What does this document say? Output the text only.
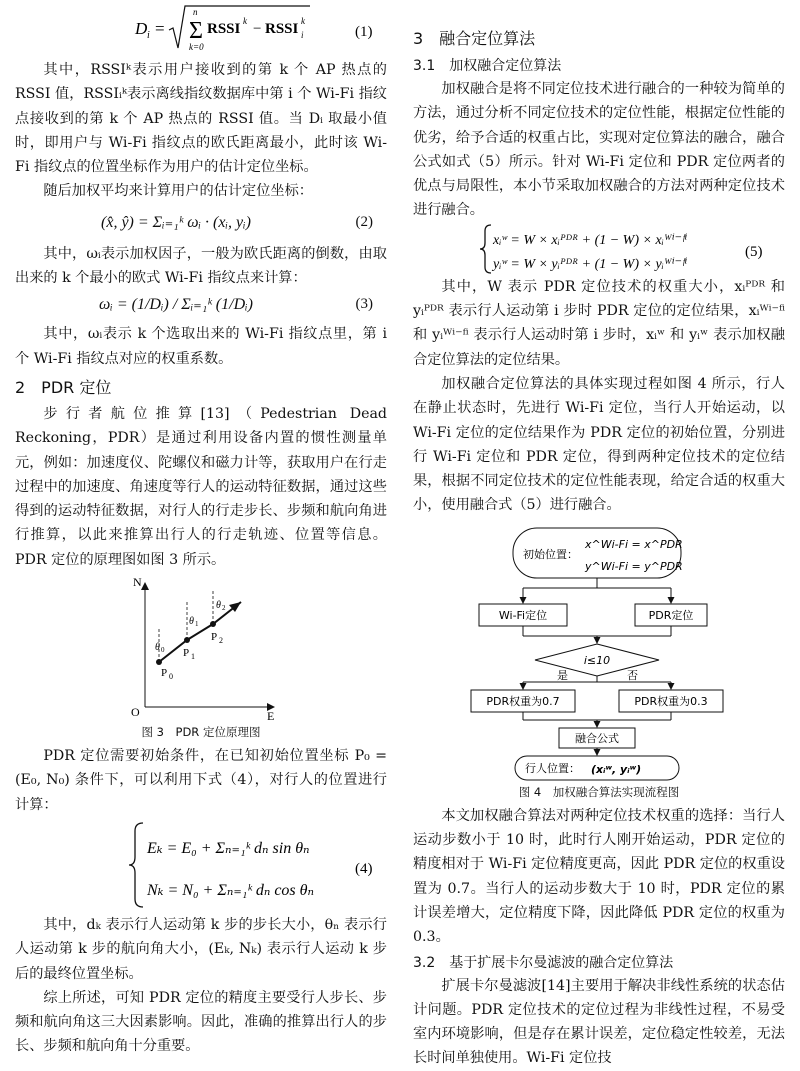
D i = Σ
n
k=0
RSSI k − RSSI k
i	(1)

其中，RSSIᵏ表示用户接收到的第 k 个 AP 热点的 RSSI 值，RSSIᵢᵏ表示离线指纹数据库中第 i 个 Wi-Fi 指纹点接收到的第 k 个 AP 热点的 RSSI 值。当 Dᵢ 取最小值时，即用户与 Wi-Fi 指纹点的欧氏距离最小，此时该 Wi-Fi 指纹点的位置坐标作为用户的估计定位坐标。

随后加权平均来计算用户的估计定位坐标：

(x̂, ŷ) = Σᵢ₌₁ᵏ ωᵢ · (xᵢ, yᵢ)	(2)

其中，ωᵢ表示加权因子，一般为欧氏距离的倒数，由取出来的 k 个最小的欧式 Wi-Fi 指纹点来计算：

ωᵢ = (1/Dᵢ) / Σᵢ₌₁ᵏ (1/Dᵢ)	(3)

其中，ωᵢ表示 k 个选取出来的 Wi-Fi 指纹点里，第 i 个 Wi-Fi 指纹点对应的权重系数。

2　PDR 定位

步行者航位推算[13]（Pedestrian Dead Reckoning，PDR）是通过利用设备内置的惯性测量单元，例如：加速度仪、陀螺仪和磁力计等，获取用户在行走过程中的加速度、角速度等行人的运动特征数据，通过这些得到的运动特征数据，对行人的行走步长、步频和航向角进行推算，以此来推算出行人的行走轨迹、位置等信息。PDR 定位的原理图如图 3 所示。

N
E
O
P 0
P 1
P 2
θ 0
θ 1
θ 2
图 3　PDR 定位原理图

PDR 定位需要初始条件，在已知初始位置坐标 P₀ = (E₀, N₀) 条件下，可以利用下式（4），对行人的位置进行计算：

Eₖ = E₀ + Σₙ₌₁ᵏ dₙ sin θₙ
Nₖ = N₀ + Σₙ₌₁ᵏ dₙ cos θₙ
(4)

其中，dₖ 表示行人运动第 k 步的步长大小，θₙ 表示行人运动第 k 步的航向角大小，(Eₖ, Nₖ) 表示行人运动 k 步后的最终位置坐标。

综上所述，可知 PDR 定位的精度主要受行人步长、步频和航向角这三大因素影响。因此，准确的推算出行人的步长、步频和航向角十分重要。

3　融合定位算法
3.1　加权融合定位算法

加权融合是将不同定位技术进行融合的一种较为简单的方法，通过分析不同定位技术的定位性能，根据定位性能的优劣，给予合适的权重占比，实现对定位算法的融合，融合公式如式（5）所示。针对 Wi-Fi 定位和 PDR 定位两者的优点与局限性，本小节采取加权融合的方法对两种定位技术进行融合。

xᵢʷ = W × xᵢᴾᴰᴿ + (1 − W) × xᵢᵂⁱ⁻ᶠⁱ
yᵢʷ = W × yᵢᴾᴰᴿ + (1 − W) × yᵢᵂⁱ⁻ᶠⁱ
(5)

其中，W 表示 PDR 定位技术的权重大小，xᵢᴾᴰᴿ 和 yᵢᴾᴰᴿ 表示行人运动第 i 步时 PDR 定位的定位结果，xᵢᵂⁱ⁻ᶠⁱ 和 yᵢᵂⁱ⁻ᶠⁱ 表示行人运动时第 i 步时，xᵢʷ 和 yᵢʷ 表示加权融合定位算法的定位结果。

加权融合定位算法的具体实现过程如图 4 所示，行人在静止状态时，先进行 Wi-Fi 定位，当行人开始运动，以 Wi-Fi 定位的定位结果作为 PDR 定位的初始位置，分别进行 Wi-Fi 定位和 PDR 定位，得到两种定位技术的定位结果，根据不同定位技术的定位性能表现，给定合适的权重大小，使用融合式（5）进行融合。

初始位置：
x^Wi-Fi = x^PDR
y^Wi-Fi = y^PDR
Wi-Fi定位	PDR定位
i≤10
是	否
PDR权重为0.7	PDR权重为0.3
融合公式
行人位置： (xᵢʷ, yᵢʷ)
图 4　加权融合算法实现流程图

本文加权融合算法对两种定位技术权重的选择：当行人运动步数小于 10 时，此时行人刚开始运动，PDR 定位的精度相对于 Wi-Fi 定位精度更高，因此 PDR 定位的权重设置为 0.7。当行人的运动步数大于 10 时，PDR 定位的累计误差增大，定位精度下降，因此降低 PDR 定位的权重为 0.3。

3.2　基于扩展卡尔曼滤波的融合定位算法

扩展卡尔曼滤波[14]主要用于解决非线性系统的状态估计问题。PDR 定位技术的定位过程为非线性过程，不易受室内环境影响，但是存在累计误差，定位稳定性较差，无法长时间单独使用。Wi-Fi 定位技
